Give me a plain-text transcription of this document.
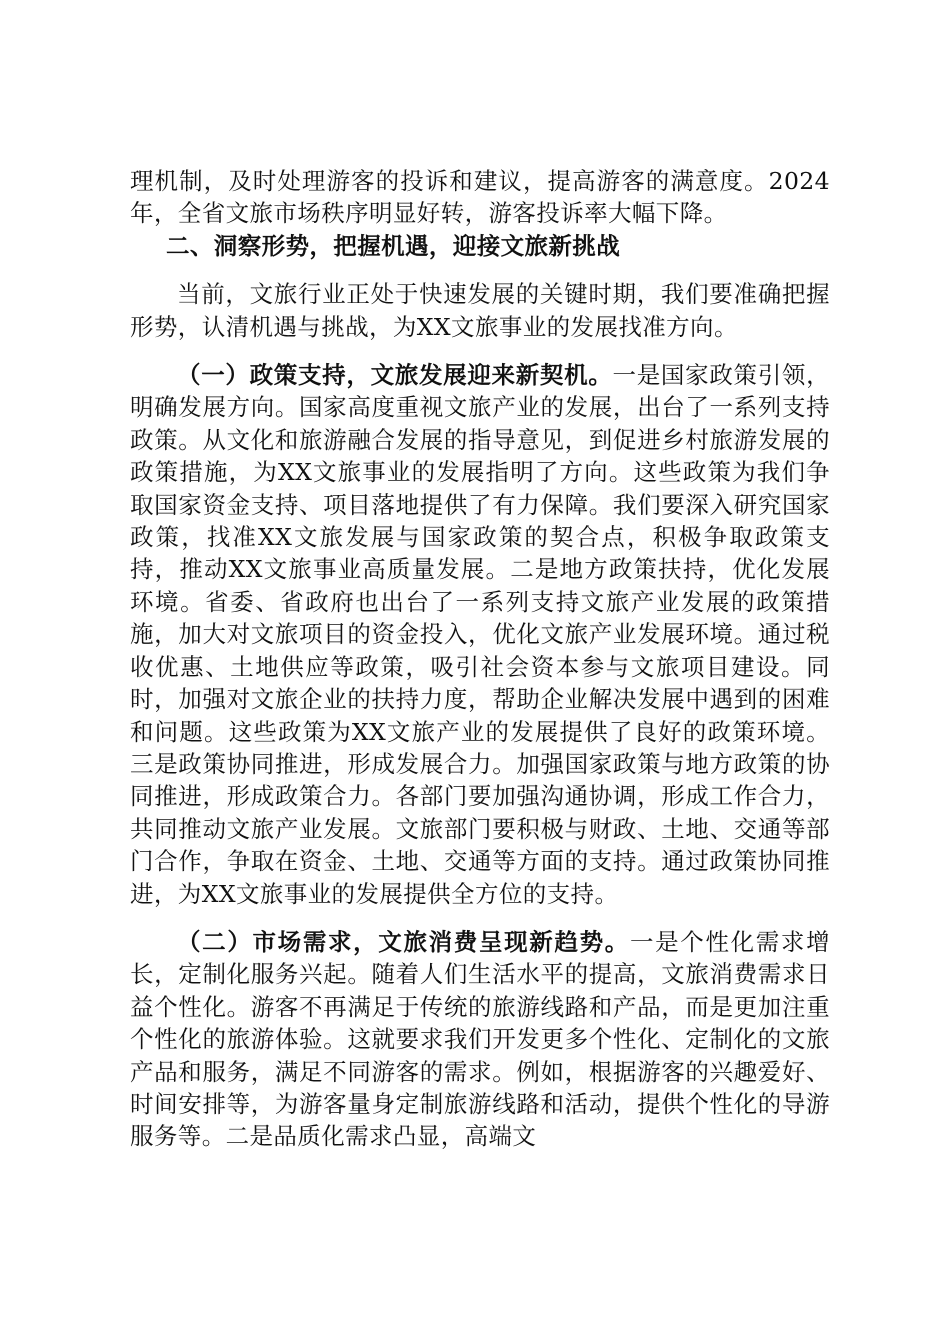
理机制，及时处理游客的投诉和建议，提高游客的满意度。2024年，全省文旅市场秩序明显好转，游客投诉率大幅下降。

二、洞察形势，把握机遇，迎接文旅新挑战

当前，文旅行业正处于快速发展的关键时期，我们要准确把握形势，认清机遇与挑战，为XX文旅事业的发展找准方向。

（一）政策支持，文旅发展迎来新契机。一是国家政策引领，明确发展方向。国家高度重视文旅产业的发展，出台了一系列支持政策。从文化和旅游融合发展的指导意见，到促进乡村旅游发展的政策措施，为XX文旅事业的发展指明了方向。这些政策为我们争取国家资金支持、项目落地提供了有力保障。我们要深入研究国家政策，找准XX文旅发展与国家政策的契合点，积极争取政策支持，推动XX文旅事业高质量发展。二是地方政策扶持，优化发展环境。省委、省政府也出台了一系列支持文旅产业发展的政策措施，加大对文旅项目的资金投入，优化文旅产业发展环境。通过税收优惠、土地供应等政策，吸引社会资本参与文旅项目建设。同时，加强对文旅企业的扶持力度，帮助企业解决发展中遇到的困难和问题。这些政策为XX文旅产业的发展提供了良好的政策环境。三是政策协同推进，形成发展合力。加强国家政策与地方政策的协同推进，形成政策合力。各部门要加强沟通协调，形成工作合力，共同推动文旅产业发展。文旅部门要积极与财政、土地、交通等部门合作，争取在资金、土地、交通等方面的支持。通过政策协同推进，为XX文旅事业的发展提供全方位的支持。

（二）市场需求，文旅消费呈现新趋势。一是个性化需求增长，定制化服务兴起。随着人们生活水平的提高，文旅消费需求日益个性化。游客不再满足于传统的旅游线路和产品，而是更加注重个性化的旅游体验。这就要求我们开发更多个性化、定制化的文旅产品和服务，满足不同游客的需求。例如，根据游客的兴趣爱好、时间安排等，为游客量身定制旅游线路和活动，提供个性化的导游服务等。二是品质化需求凸显，高端文
